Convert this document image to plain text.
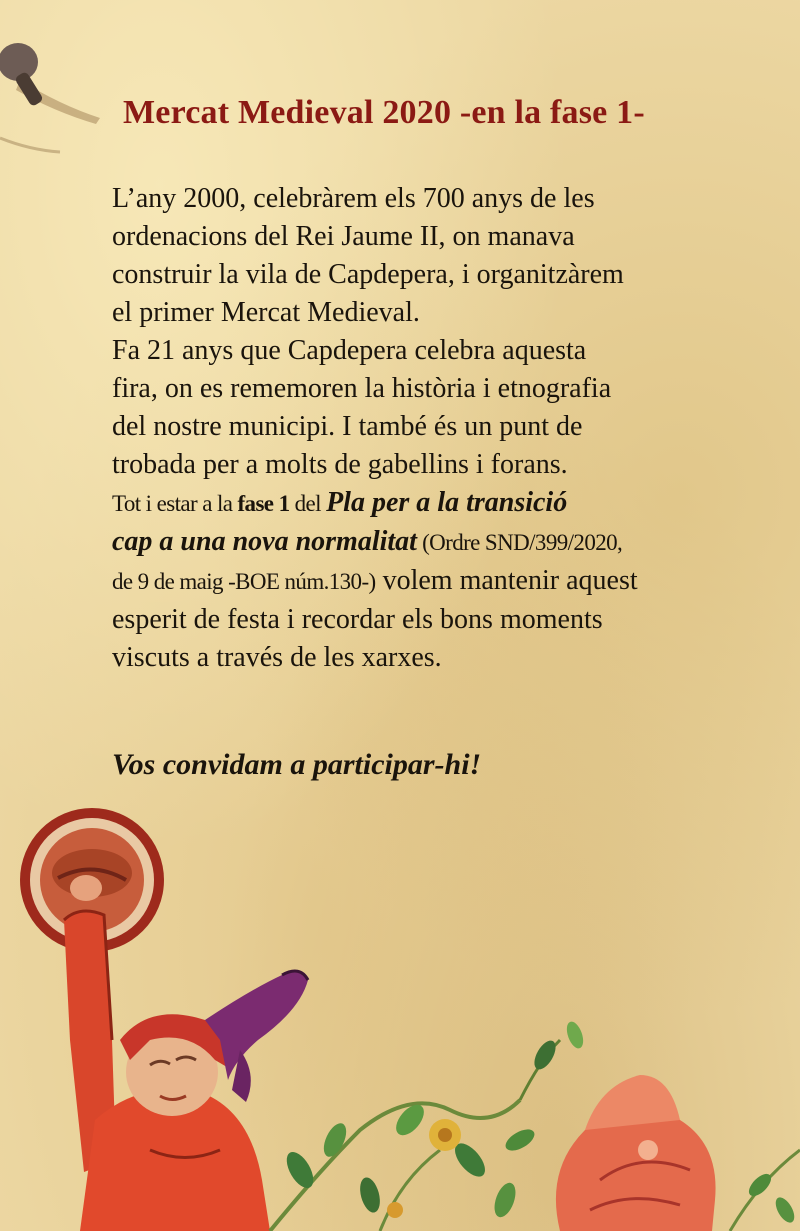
Mercat Medieval 2020 -en la fase 1-
L’any 2000, celebràrem els 700 anys de les
ordenacions del Rei Jaume II, on manava
construir la vila de Capdepera, i organitzàrem
el primer Mercat Medieval.
Fa 21 anys que Capdepera celebra aquesta
fira, on es rememoren la història i etnografia
del nostre municipi. I també és un punt de
trobada per a molts de gabellins i forans.
Tot i estar a la fase 1 del Pla per a la transició
cap a una nova normalitat (Ordre SND/399/2020,
de 9 de maig -BOE núm.130-) volem mantenir aquest
esperit de festa i recordar els bons moments
viscuts a través de les xarxes.

Vos convidam a participar-hi!
